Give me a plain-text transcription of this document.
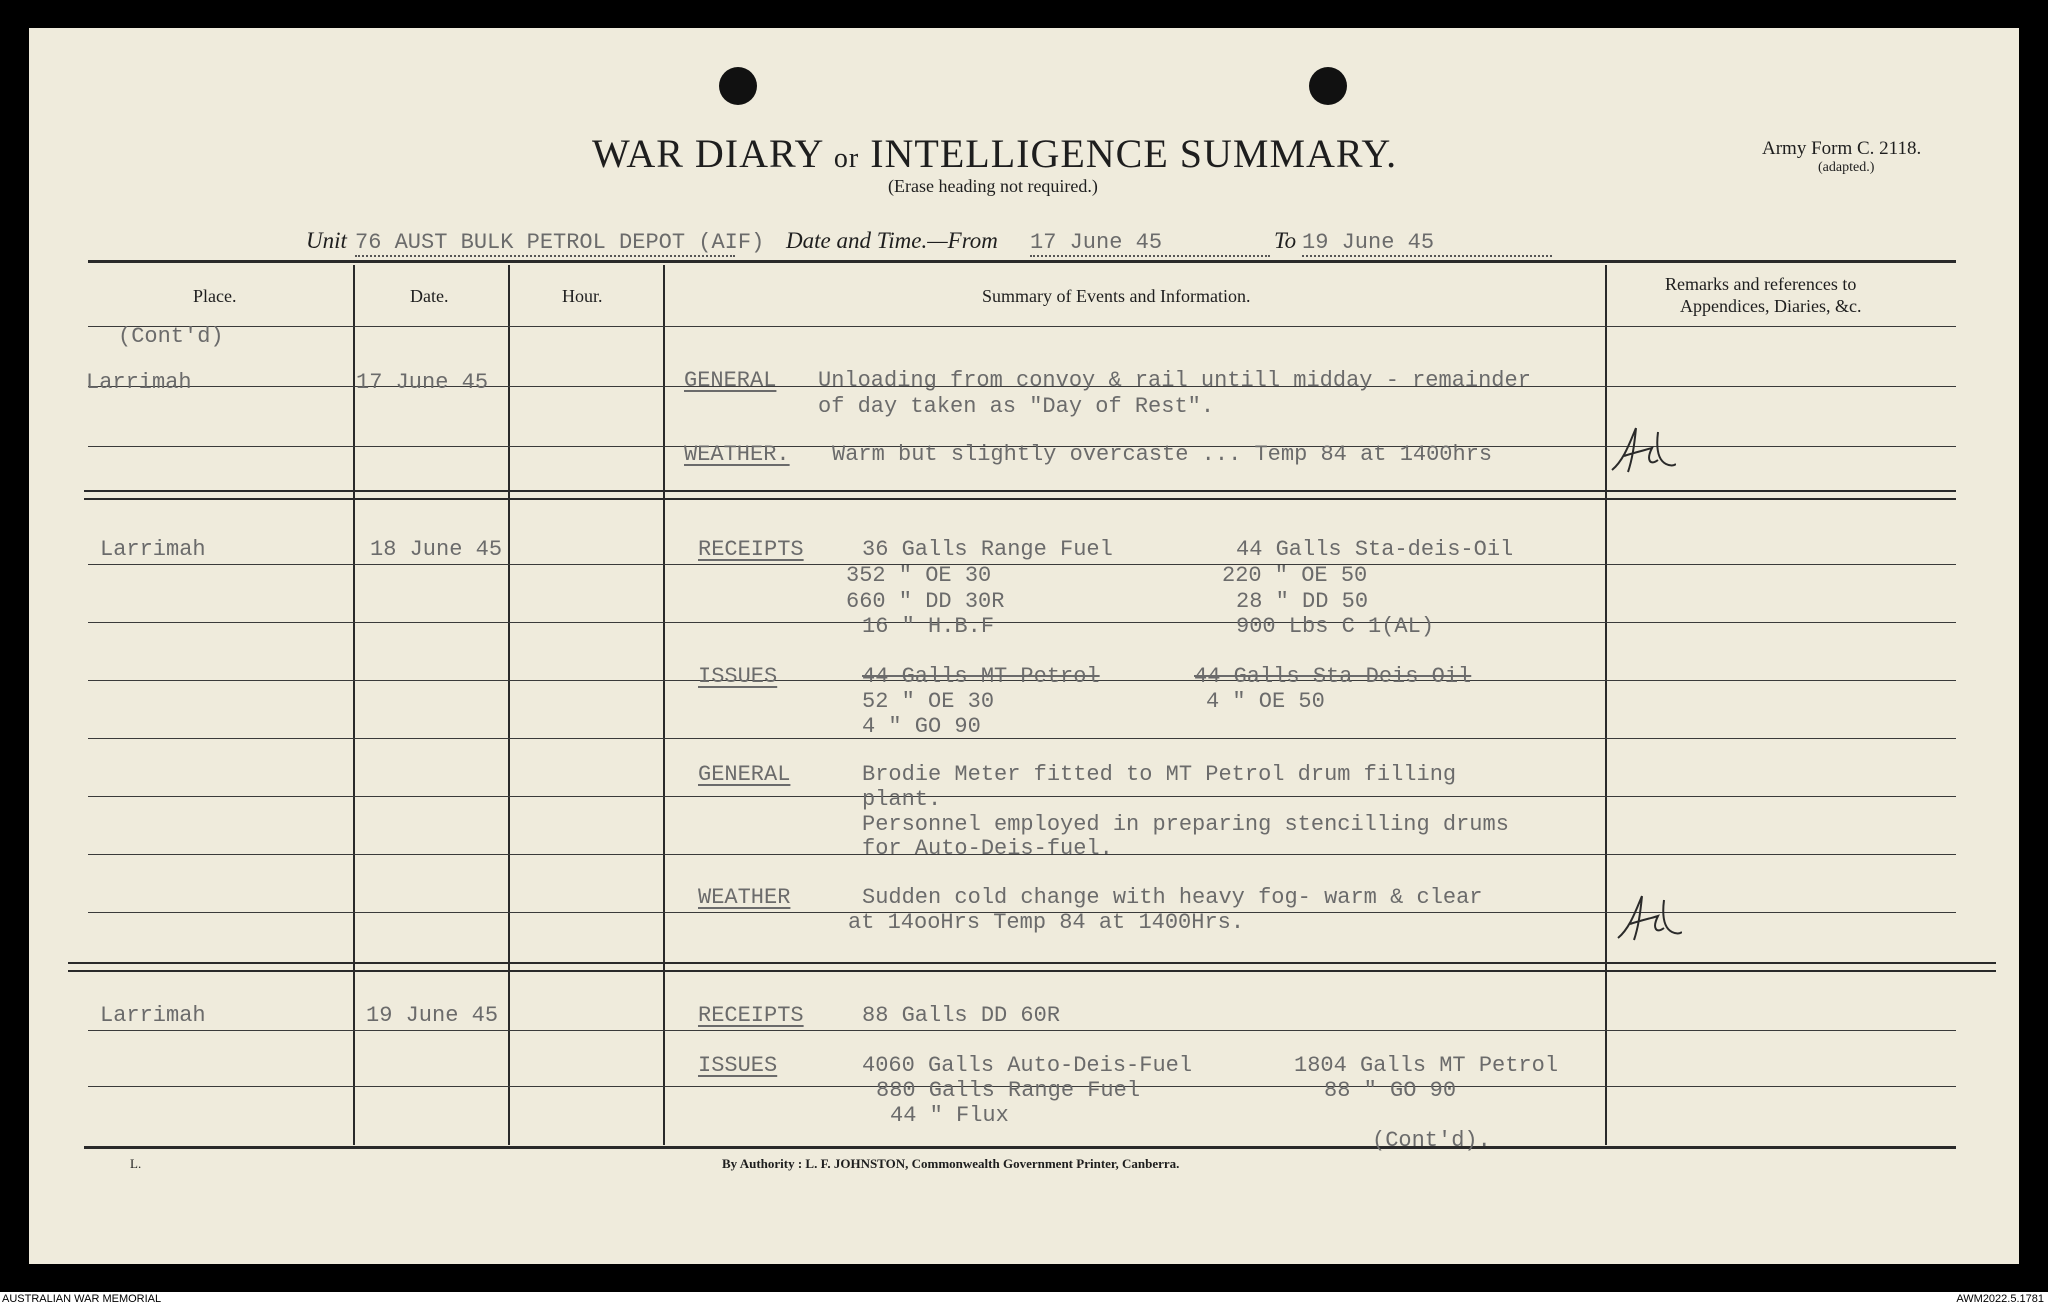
WAR DIARY or INTELLIGENCE SUMMARY.
(Erase heading not required.)
Army Form C. 2118.
(adapted.)
Unit 76 AUST BULK PETROL DEPOT (AIF) Date and Time.—From 17 June 45	To 19 June 45
Place.	Date.	Hour.	Summary of Events and Information.
Remarks and references to
Appendices, Diaries, &c.
(Cont'd)
Larrimah	17 June 45	GENERAL Unloading from convoy & rail untill midday - remainder
of day taken as "Day of Rest".
WEATHER. Warm but slightly overcaste ... Temp 84 at 1400hrs
Larrimah	18 June 45	RECEIPTS	36 Galls Range Fuel	44 Galls Sta-deis-Oil
352 " OE 30	220 " OE 50
660 " DD 30R	28 " DD 50
16 " H.B.F	900 Lbs C 1(AL)
ISSUES	44 Galls MT Petrol	44 Galls Sta-Deis-Oil
52 " OE 30	4 " OE 50
4 " GO 90
GENERAL	Brodie Meter fitted to MT Petrol drum filling
plant.
Personnel employed in preparing stencilling drums
for Auto-Deis-fuel.
WEATHER	Sudden cold change with heavy fog- warm & clear
at 14ooHrs Temp 84 at 1400Hrs.
Larrimah	19 June 45	RECEIPTS	88 Galls DD 60R
ISSUES	4060 Galls Auto-Deis-Fuel	1804 Galls MT Petrol
880 Galls Range Fuel	88 " GO 90
44 " Flux
(Cont'd).
L.	By Authority : L. F. JOHNSTON, Commonwealth Government Printer, Canberra.
AUSTRALIAN WAR MEMORIAL	AWM2022.5.1781
